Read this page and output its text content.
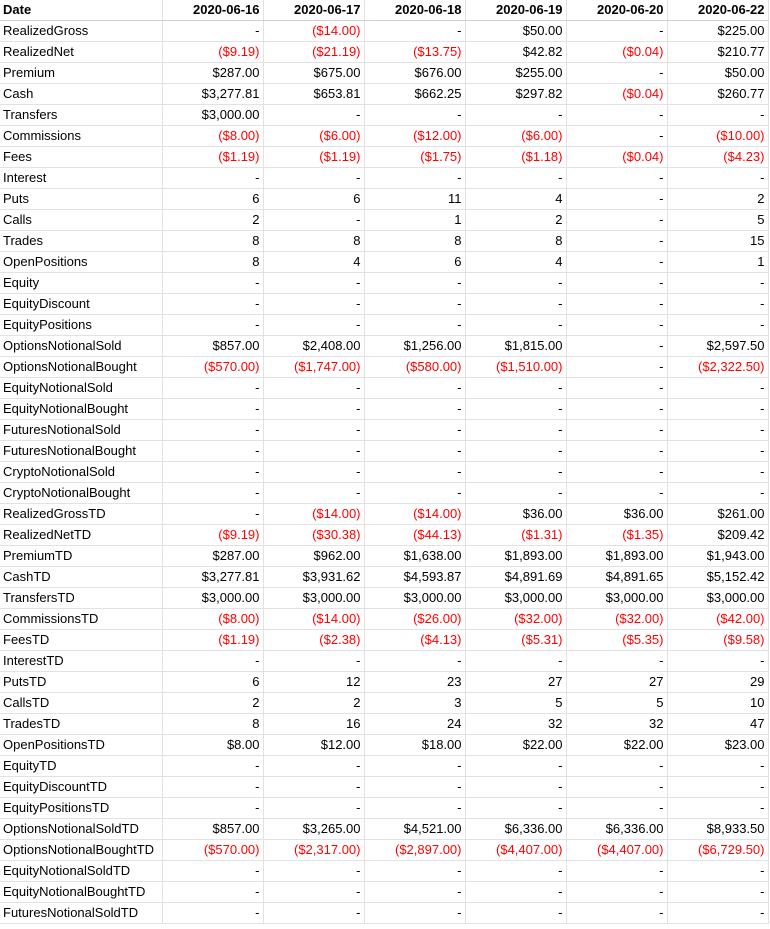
Date	2020-06-16	2020-06-17	2020-06-18	2020-06-19	2020-06-20	2020-06-22
RealizedGross	-	($14.00)	-	$50.00	-	$225.00
RealizedNet	($9.19)	($21.19)	($13.75)	$42.82	($0.04)	$210.77
Premium	$287.00	$675.00	$676.00	$255.00	-	$50.00
Cash	$3,277.81	$653.81	$662.25	$297.82	($0.04)	$260.77
Transfers	$3,000.00	-	-	-	-	-
Commissions	($8.00)	($6.00)	($12.00)	($6.00)	-	($10.00)
Fees	($1.19)	($1.19)	($1.75)	($1.18)	($0.04)	($4.23)
Interest	-	-	-	-	-	-
Puts	6	6	11	4	-	2
Calls	2	-	1	2	-	5
Trades	8	8	8	8	-	15
OpenPositions	8	4	6	4	-	1
Equity	-	-	-	-	-	-
EquityDiscount	-	-	-	-	-	-
EquityPositions	-	-	-	-	-	-
OptionsNotionalSold	$857.00	$2,408.00	$1,256.00	$1,815.00	-	$2,597.50
OptionsNotionalBought	($570.00)	($1,747.00)	($580.00)	($1,510.00)	-	($2,322.50)
EquityNotionalSold	-	-	-	-	-	-
EquityNotionalBought	-	-	-	-	-	-
FuturesNotionalSold	-	-	-	-	-	-
FuturesNotionalBought	-	-	-	-	-	-
CryptoNotionalSold	-	-	-	-	-	-
CryptoNotionalBought	-	-	-	-	-	-
RealizedGrossTD	-	($14.00)	($14.00)	$36.00	$36.00	$261.00
RealizedNetTD	($9.19)	($30.38)	($44.13)	($1.31)	($1.35)	$209.42
PremiumTD	$287.00	$962.00	$1,638.00	$1,893.00	$1,893.00	$1,943.00
CashTD	$3,277.81	$3,931.62	$4,593.87	$4,891.69	$4,891.65	$5,152.42
TransfersTD	$3,000.00	$3,000.00	$3,000.00	$3,000.00	$3,000.00	$3,000.00
CommissionsTD	($8.00)	($14.00)	($26.00)	($32.00)	($32.00)	($42.00)
FeesTD	($1.19)	($2.38)	($4.13)	($5.31)	($5.35)	($9.58)
InterestTD	-	-	-	-	-	-
PutsTD	6	12	23	27	27	29
CallsTD	2	2	3	5	5	10
TradesTD	8	16	24	32	32	47
OpenPositionsTD	$8.00	$12.00	$18.00	$22.00	$22.00	$23.00
EquityTD	-	-	-	-	-	-
EquityDiscountTD	-	-	-	-	-	-
EquityPositionsTD	-	-	-	-	-	-
OptionsNotionalSoldTD	$857.00	$3,265.00	$4,521.00	$6,336.00	$6,336.00	$8,933.50
OptionsNotionalBoughtTD	($570.00)	($2,317.00)	($2,897.00)	($4,407.00)	($4,407.00)	($6,729.50)
EquityNotionalSoldTD	-	-	-	-	-	-
EquityNotionalBoughtTD	-	-	-	-	-	-
FuturesNotionalSoldTD	-	-	-	-	-	-
